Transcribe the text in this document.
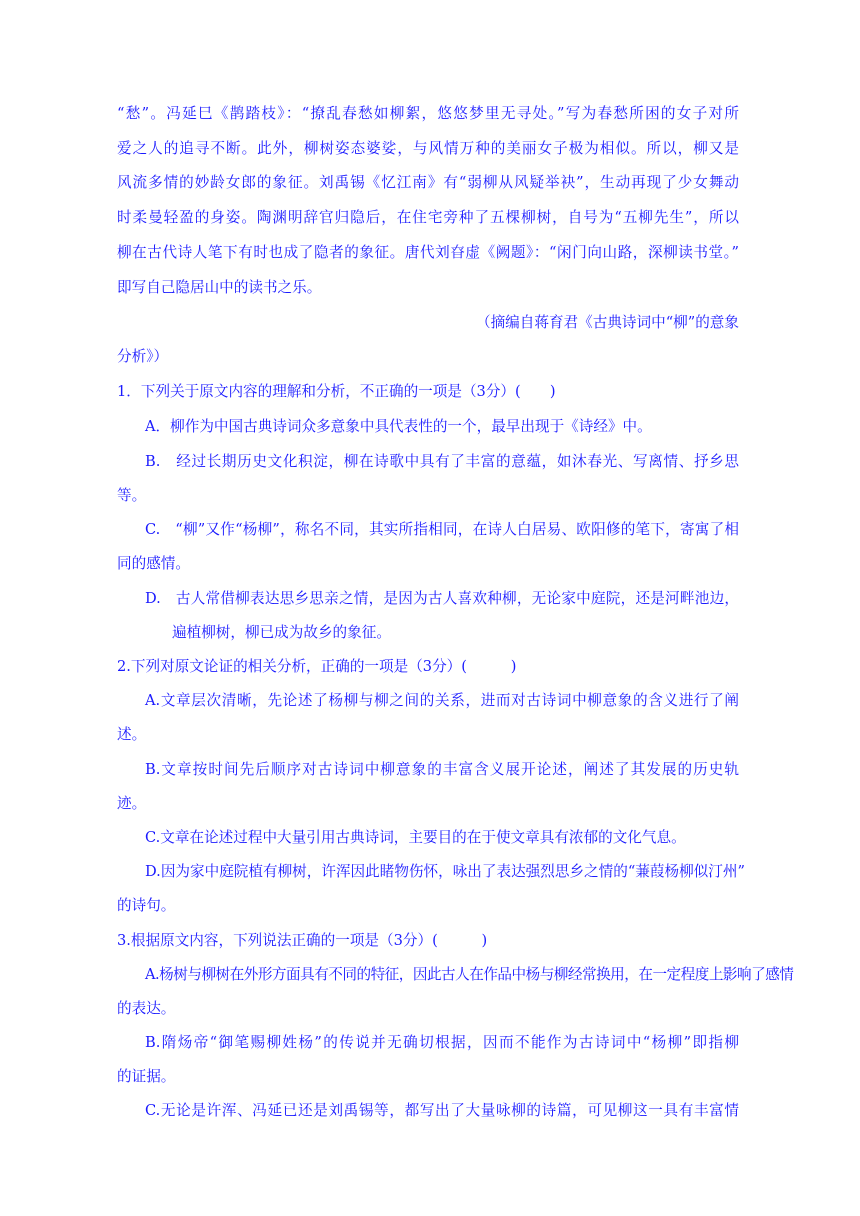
“愁”。冯延巳《鹊踏枝》：“撩乱春愁如柳絮，悠悠梦里无寻处。”写为春愁所困的女子对所
爱之人的追寻不断。此外，柳树姿态婆娑，与风情万种的美丽女子极为相似。所以，柳又是
风流多情的妙龄女郎的象征。刘禹锡《忆江南》有“弱柳从风疑举袂”，生动再现了少女舞动
时柔曼轻盈的身姿。陶渊明辞官归隐后，在住宅旁种了五棵柳树，自号为“五柳先生”，所以
柳在古代诗人笔下有时也成了隐者的象征。唐代刘昚虚《阙题》：“闲门向山路，深柳读书堂。”
即写自己隐居山中的读书之乐。
（摘编自蒋育君《古典诗词中“柳”的意象
分析》）
1．下列关于原文内容的理解和分析，不正确的一项是（3分）(　　)
A．柳作为中国古典诗词众多意象中具代表性的一个，最早出现于《诗经》中。
B.　经过长期历史文化积淀，柳在诗歌中具有了丰富的意蕴，如沐春光、写离情、抒乡思
等。
C.　“柳”又作“杨柳”，称名不同，其实所指相同，在诗人白居易、欧阳修的笔下，寄寓了相
同的感情。
D.　古人常借柳表达思乡思亲之情，是因为古人喜欢种柳，无论家中庭院，还是河畔池边，
遍植柳树，柳已成为故乡的象征。
2.下列对原文论证的相关分析，正确的一项是（3分）(　　　)
A.文章层次清晰，先论述了杨柳与柳之间的关系，进而对古诗词中柳意象的含义进行了阐
述。
B.文章按时间先后顺序对古诗词中柳意象的丰富含义展开论述，阐述了其发展的历史轨
迹。
C.文章在论述过程中大量引用古典诗词，主要目的在于使文章具有浓郁的文化气息。
D.因为家中庭院植有柳树，许浑因此睹物伤怀，咏出了表达强烈思乡之情的“蒹葭杨柳似汀州”
的诗句。
3.根据原文内容，下列说法正确的一项是（3分）(　　　)
A.杨树与柳树在外形方面具有不同的特征，因此古人在作品中杨与柳经常换用，在一定程度上影响了感情
的表达。
B.隋炀帝“御笔赐柳姓杨”的传说并无确切根据，因而不能作为古诗词中“杨柳”即指柳
的证据。
C.无论是许浑、冯延已还是刘禹锡等，都写出了大量咏柳的诗篇，可见柳这一具有丰富情
